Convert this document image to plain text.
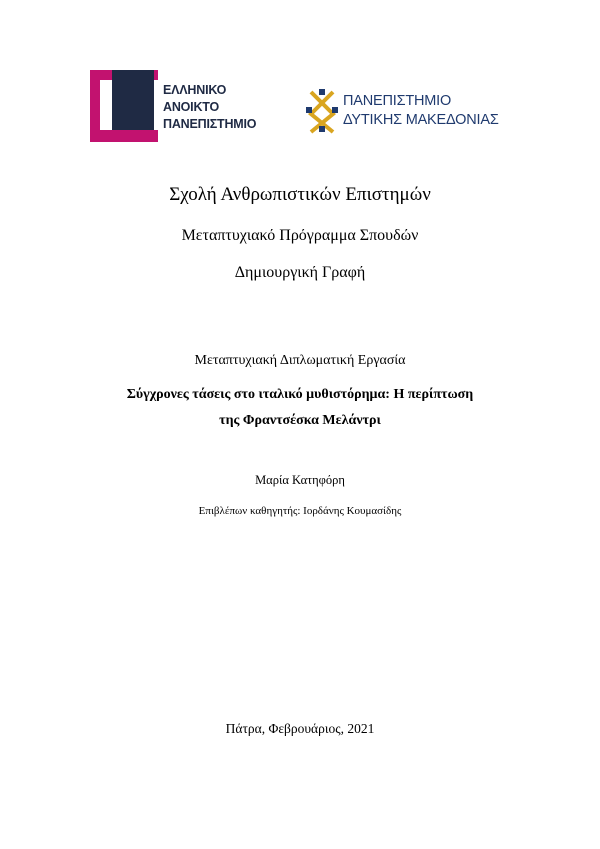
ΕΛΛΗΝΙΚΟ
ΑΝΟΙΚΤΟ
ΠΑΝΕΠΙΣΤΗΜΙΟ
ΠΑΝΕΠΙΣΤΗΜΙΟ
ΔΥΤΙΚΗΣ ΜΑΚΕΔΟΝΙΑΣ
Σχολή Ανθρωπιστικών Επιστημών
Μεταπτυχιακό Πρόγραμμα Σπουδών
Δημιουργική Γραφή
Μεταπτυχιακή Διπλωματική Εργασία
Σύγχρονες τάσεις στο ιταλικό μυθιστόρημα: Η περίπτωση
της Φραντσέσκα Μελάντρι
Μαρία Κατηφόρη
Επιβλέπων καθηγητής: Ιορδάνης Κουμασίδης
Πάτρα, Φεβρουάριος, 2021
